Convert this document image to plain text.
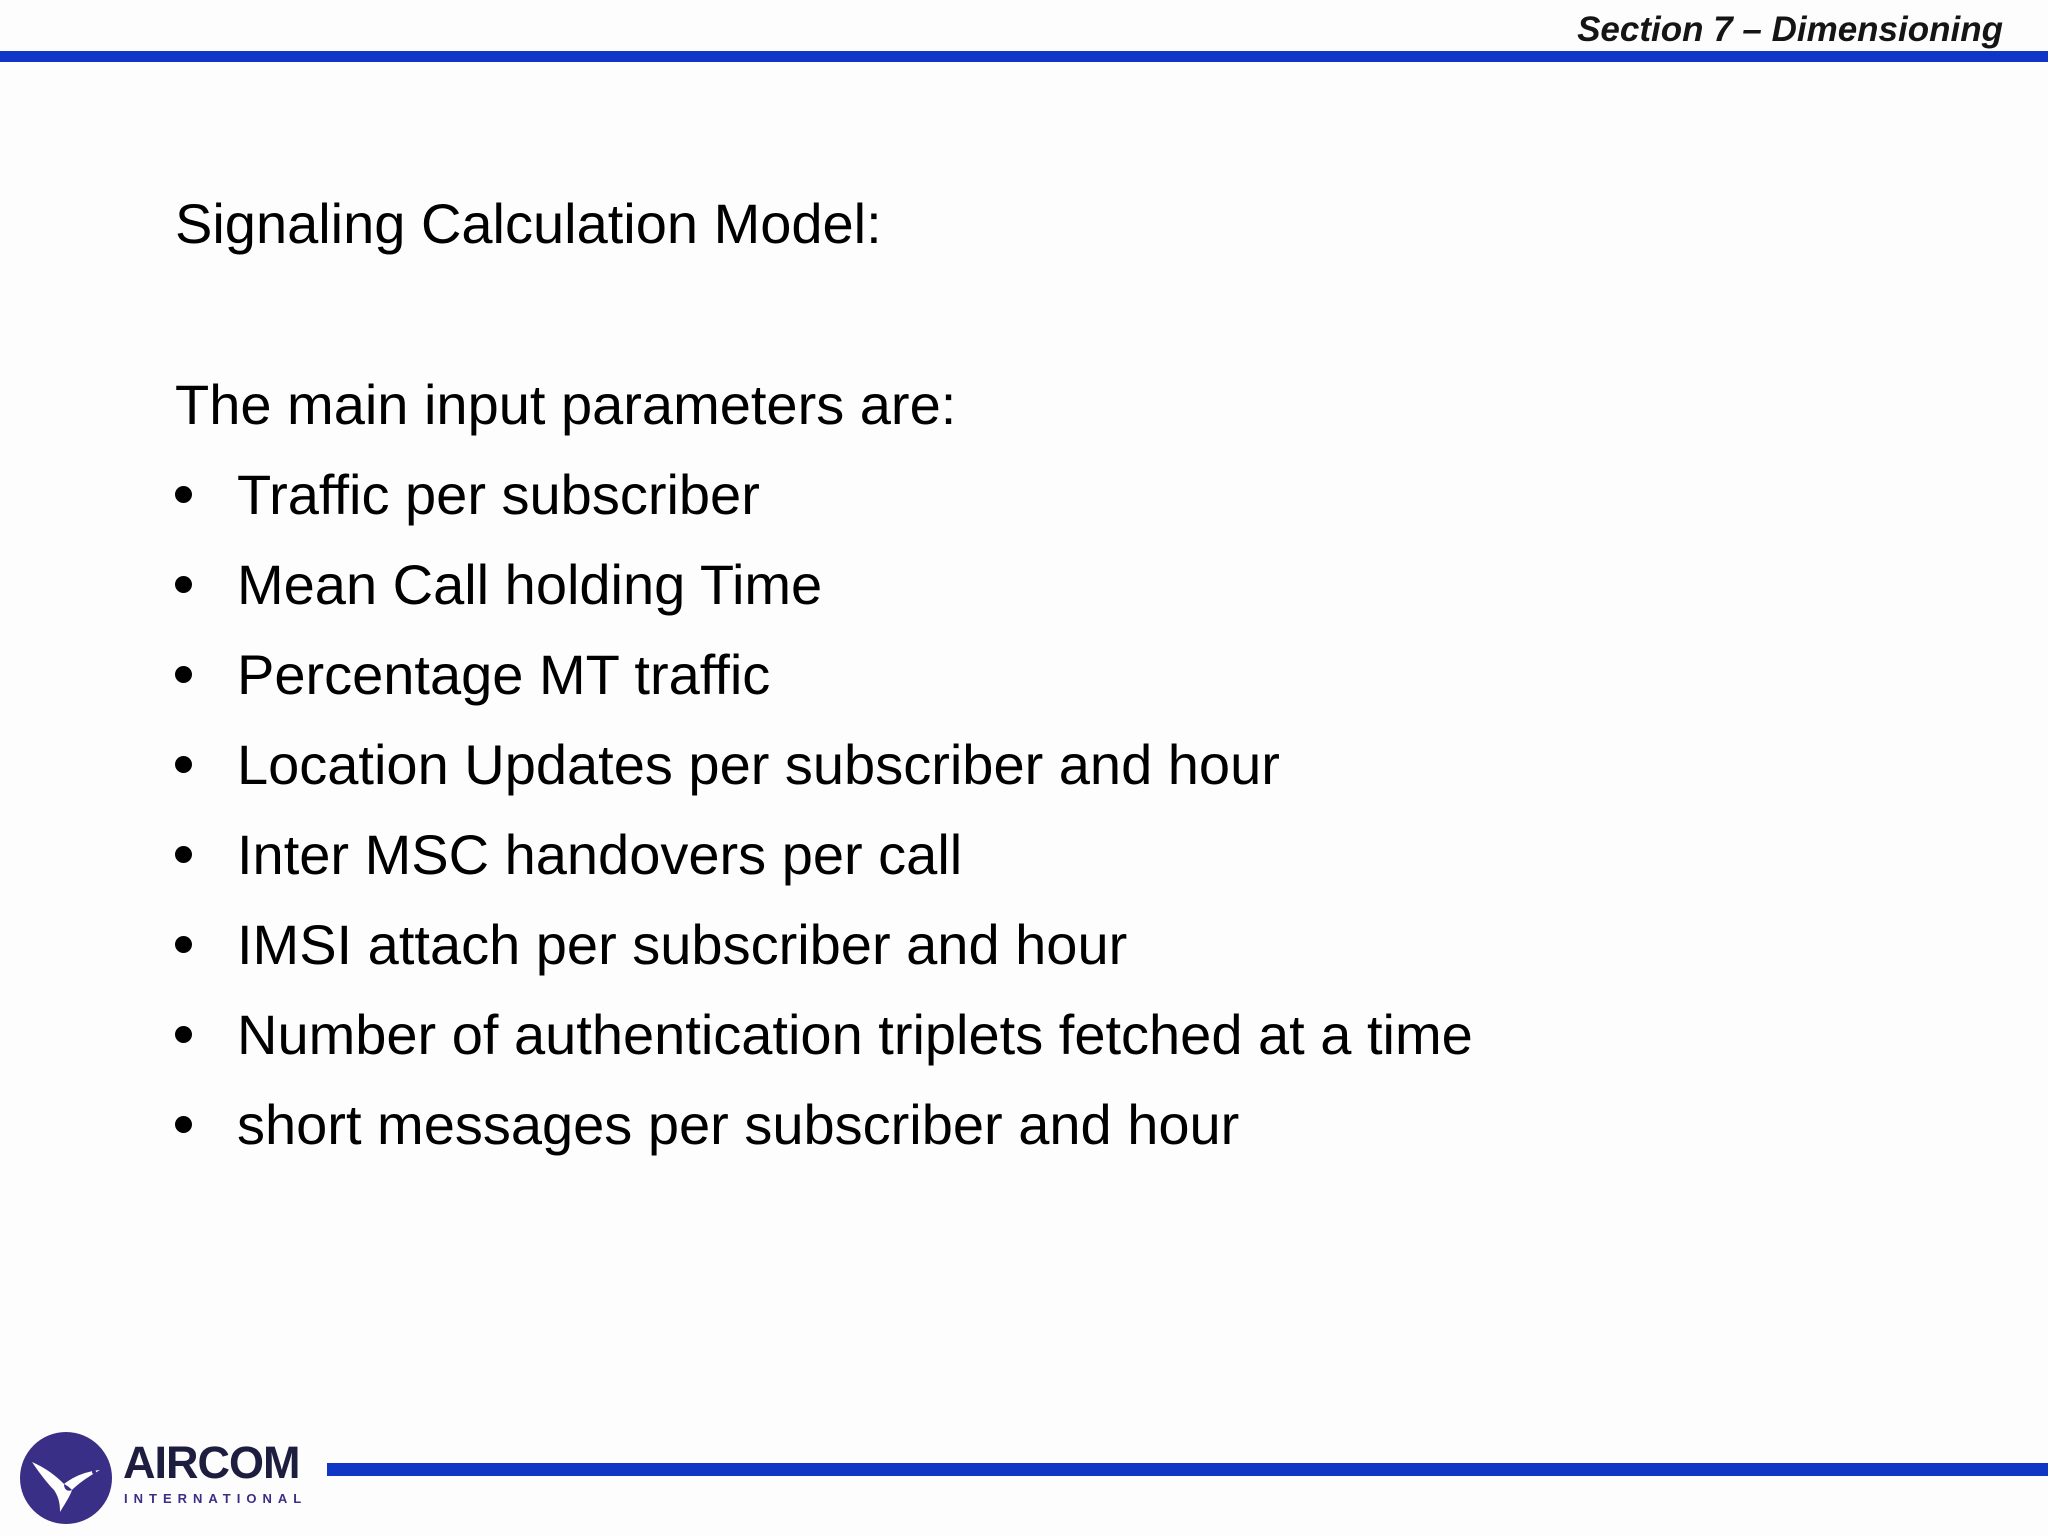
Section 7 – Dimensioning
Signaling Calculation Model:
The main input parameters are:
Traffic per subscriber
Mean Call holding Time
Percentage MT traffic
Location Updates per subscriber and hour
Inter MSC handovers per call
IMSI attach per subscriber and hour
Number of authentication triplets fetched at a time
short messages per subscriber and hour
AIRCOM
INTERNATIONAL
